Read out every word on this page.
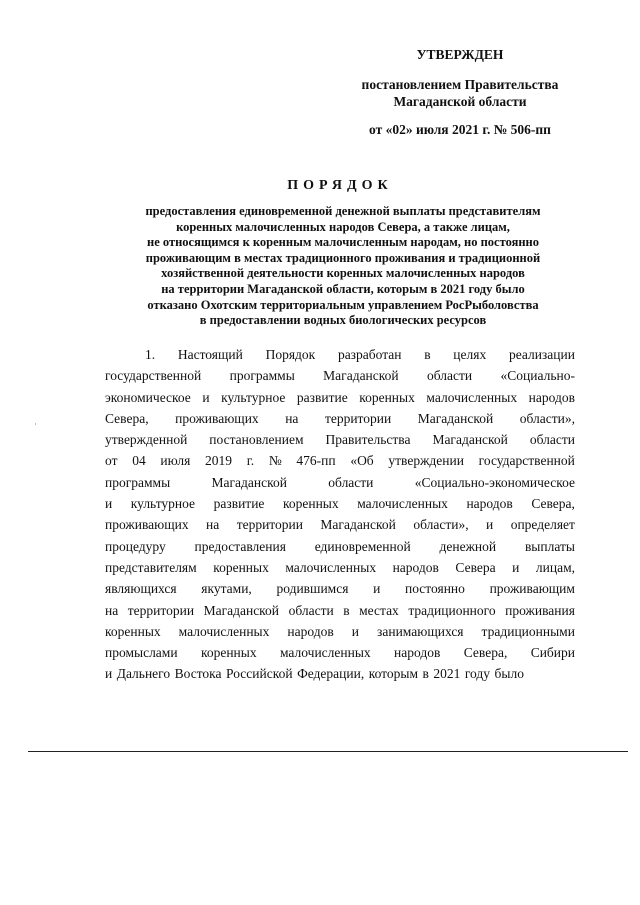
УТВЕРЖДЕН
постановлением Правительства
Магаданской области
от «02» июля 2021 г. № 506-пп
ПОРЯДОК
предоставления единовременной денежной выплаты представителям
коренных малочисленных народов Севера, а также лицам,
не относящимся к коренным малочисленным народам, но постоянно
проживающим в местах традиционного проживания и традиционной
хозяйственной деятельности коренных малочисленных народов
на территории Магаданской области, которым в 2021 году было
отказано Охотским территориальным управлением РосРыболовства
в предоставлении водных биологических ресурсов
1. Настоящий Порядок разработан в целях реализации
государственной программы Магаданской области «Социально-
экономическое и культурное развитие коренных малочисленных народов
Севера, проживающих на территории Магаданской области»,
утвержденной постановлением Правительства Магаданской области
от 04 июля 2019 г. № 476-пп «Об утверждении государственной
программы	Магаданской	области	«Социально-экономическое
и культурное развитие коренных малочисленных народов Севера,
проживающих на территории Магаданской области», и определяет
процедуру предоставления единовременной денежной выплаты
представителям коренных малочисленных народов Севера и лицам,
являющихся якутами, родившимся и постоянно проживающим
на территории Магаданской области в местах традиционного проживания
коренных малочисленных народов и занимающихся традиционными
промыслами коренных малочисленных народов Севера, Сибири
и Дальнего Востока Российской Федерации, которым в 2021 году было
